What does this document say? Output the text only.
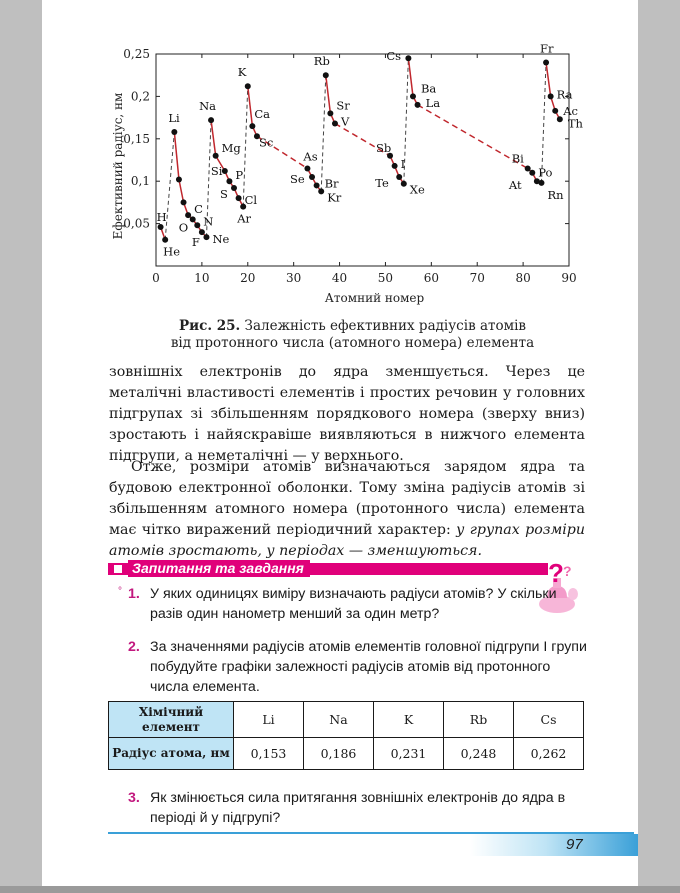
0	10	20	30	40	50	60	70	80	90
0,05
0,1
0,15
0,2
0,25
Атомний номер
Ефективний радіус, нм	H
He
Li
C
O N
F Ne
Na
Mg
Si P
S Cl
Ar
K
Ca
Sc
As
Se Br
Kr
Rb
Sr
V
Sb
I
Te Xe
Cs
Ba
La
Bi
Po
At
Rn
Fr
Ra
Ac
Th
Рис. 25. Залежність ефективних радіусів атомів
від протонного числа (атомного номера) елемента
зовнішніх електронів до ядра зменшується. Через це металічні властивості елементів і простих речовин у головних підгрупах зі збільшенням порядкового номера (зверху вниз) зростають і найяскравіше виявляються в нижчого елемента підгрупи, а неметалічні — у верхнього.
Отже, розміри атомів визначаються зарядом ядра та будовою електронної оболонки. Тому зміна радіусів атомів зі збільшенням атомного номера (протонного числа) елемента має чітко виражений періодичний характер: у групах розміри атомів зростають, у періодах — зменшуються.
Запитання та завдання	? ?
° 1. У яких одиницях виміру визначають радіуси атомів? У скільки разів один нанометр менший за один метр?
2. За значеннями радіусів атомів елементів головної підгрупи І групи побудуйте графіки залежності радіусів атомів від протонного числа елемента.
Хімічний елемент	Li	Na	K	Rb	Cs
Радіус атома, нм	0,153	0,186	0,231	0,248	0,262
3. Як змінюється сила притягання зовнішніх електронів до ядра в періоді й у підгрупі?
97
